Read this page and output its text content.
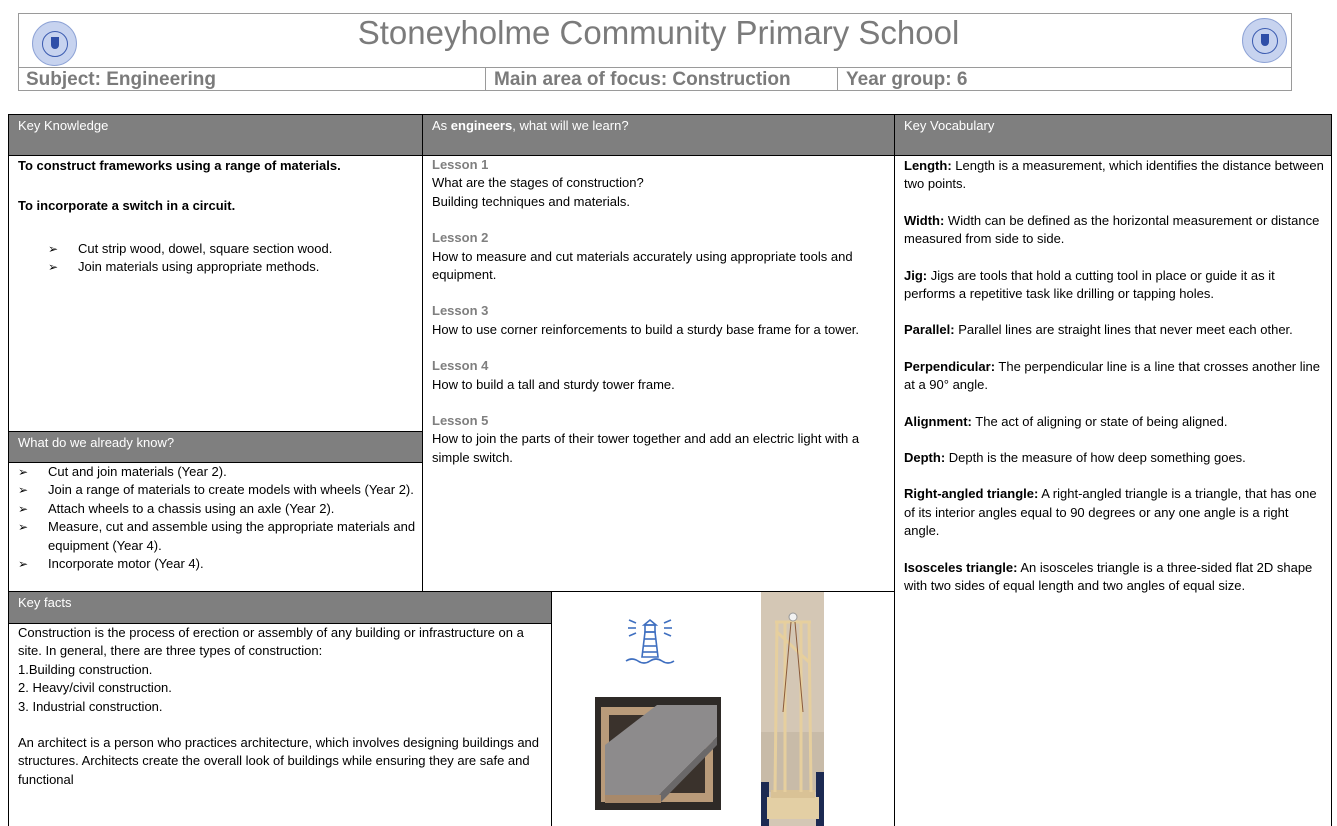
Stoneyholme Community Primary School
Subject: Engineering	Main area of focus: Construction	Year group: 6
Key Knowledge	As engineers, what will we learn?	Key Vocabulary
What do we already know?
Key facts
To construct frameworks using a range of materials.
To incorporate a switch in a circuit.
➢ Cut strip wood, dowel, square section wood.
➢ Join materials using appropriate methods.
➢ Cut and join materials (Year 2).
➢ Join a range of materials to create models with wheels (Year 2).
➢ Attach wheels to a chassis using an axle (Year 2).
➢ Measure, cut and assemble using the appropriate materials and equipment (Year 4).
➢ Incorporate motor (Year 4).
Lesson 1
What are the stages of construction?
Building techniques and materials.
Lesson 2
How to measure and cut materials accurately using appropriate tools and equipment.
Lesson 3
How to use corner reinforcements to build a sturdy base frame for a tower.
Lesson 4
How to build a tall and sturdy tower frame.
Lesson 5
How to join the parts of their tower together and add an electric light with a simple switch.

Length: Length is a measurement, which identifies the distance between two points.

Width: Width can be defined as the horizontal measurement or distance measured from side to side.

Jig: Jigs are tools that hold a cutting tool in place or guide it as it performs a repetitive task like drilling or tapping holes.

Parallel: Parallel lines are straight lines that never meet each other.

Perpendicular: The perpendicular line is a line that crosses another line at a 90° angle.

Alignment: The act of aligning or state of being aligned.

Depth: Depth is the measure of how deep something goes.

Right-angled triangle: A right-angled triangle is a triangle, that has one of its interior angles equal to 90 degrees or any one angle is a right angle.

Isosceles triangle: An isosceles triangle is a three-sided flat 2D shape with two sides of equal length and two angles of equal size.

Construction is the process of erection or assembly of any building or infrastructure on a site. In general, there are three types of construction:
1.Building construction.
2. Heavy/civil construction.
3. Industrial construction.
An architect is a person who practices architecture, which involves designing buildings and structures. Architects create the overall look of buildings while ensuring they are safe and functional
